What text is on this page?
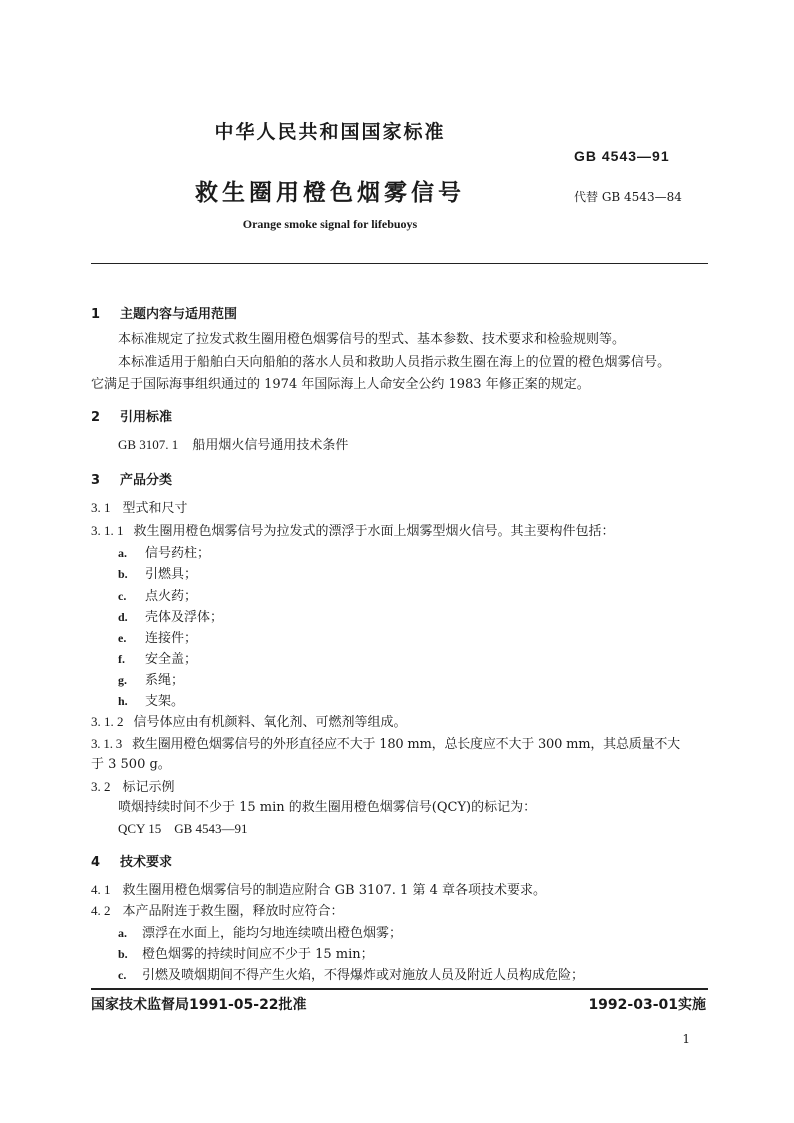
中华人民共和国国家标准
GB 4543—91
救生圈用橙色烟雾信号	代替 GB 4543—84
Orange smoke signal for lifebuoys
1 主题内容与适用范围
本标准规定了拉发式救生圈用橙色烟雾信号的型式、基本参数、技术要求和检验规则等。
本标准适用于船舶白天向船舶的落水人员和救助人员指示救生圈在海上的位置的橙色烟雾信号。
它满足于国际海事组织通过的 1974 年国际海上人命安全公约 1983 年修正案的规定。
2 引用标准
GB 3107. 1 船用烟火信号通用技术条件
3 产品分类
3. 1 型式和尺寸
3. 1. 1 救生圈用橙色烟雾信号为拉发式的漂浮于水面上烟雾型烟火信号。其主要构件包括：
a. 信号药柱；
b. 引燃具；
c. 点火药；
d. 壳体及浮体；
e. 连接件；
f. 安全盖；
g. 系绳；
h. 支架。
3. 1. 2 信号体应由有机颜料、氧化剂、可燃剂等组成。
3. 1. 3 救生圈用橙色烟雾信号的外形直径应不大于 180 mm，总长度应不大于 300 mm，其总质量不大
于 3 500 g。
3. 2 标记示例
喷烟持续时间不少于 15 min 的救生圈用橙色烟雾信号(QCY)的标记为：
QCY 15    GB 4543—91
4 技术要求
4. 1 救生圈用橙色烟雾信号的制造应附合 GB 3107. 1 第 4 章各项技术要求。
4. 2 本产品附连于救生圈，释放时应符合：
a. 漂浮在水面上，能均匀地连续喷出橙色烟雾；
b. 橙色烟雾的持续时间应不少于 15 min；
c. 引燃及喷烟期间不得产生火焰，不得爆炸或对施放人员及附近人员构成危险；
国家技术监督局1991-05-22批准	1992-03-01实施
1
